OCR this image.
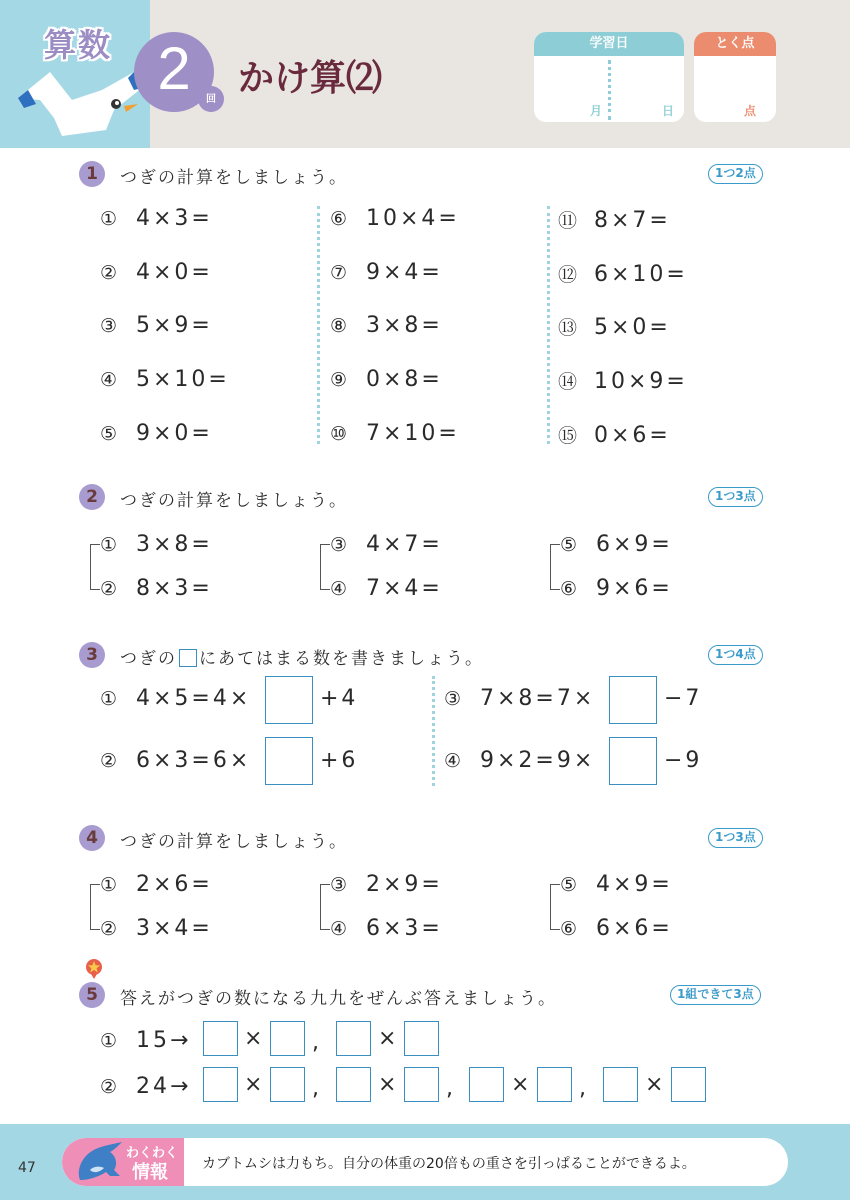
算数 2	回
かけ算⑵
学習日
月	日
とく点
点
1	つぎの計算をしましょう。	1つ2点
① 4×3=
② 4×0=
③ 5×9=
④ 5×10=
⑤ 9×0=
⑥ 10×4=
⑦ 9×4=
⑧ 3×8=
⑨ 0×8=
⑩ 7×10=
⑪ 8×7=
⑫ 6×10=
⑬ 5×0=
⑭ 10×9=
⑮ 0×6=
2	つぎの計算をしましょう。	1つ3点
① 3×8=
② 8×3=
③ 4×7=
④ 7×4=
⑤ 6×9=
⑥ 9×6=
3	つぎの にあてはまる数を書きましょう。	1つ4点
① 4×5=4×	+4
② 6×3=6×	+6
③ 7×8=7×	−7
④ 9×2=9×	−9
4	つぎの計算をしましょう。	1つ3点
① 2×6=
② 3×4=
③ 2×9=
④ 6×3=
⑤ 4×9=
⑥ 6×6=
5	答えがつぎの数になる九九をぜんぶ答えましょう。	1組できて3点
① 15→ × ,	×
② 24→ × ,	× ,	× ,	×
47
わくわく
情報 カブトムシは力もち。自分の体重の20倍もの重さを引っぱることができるよ。
